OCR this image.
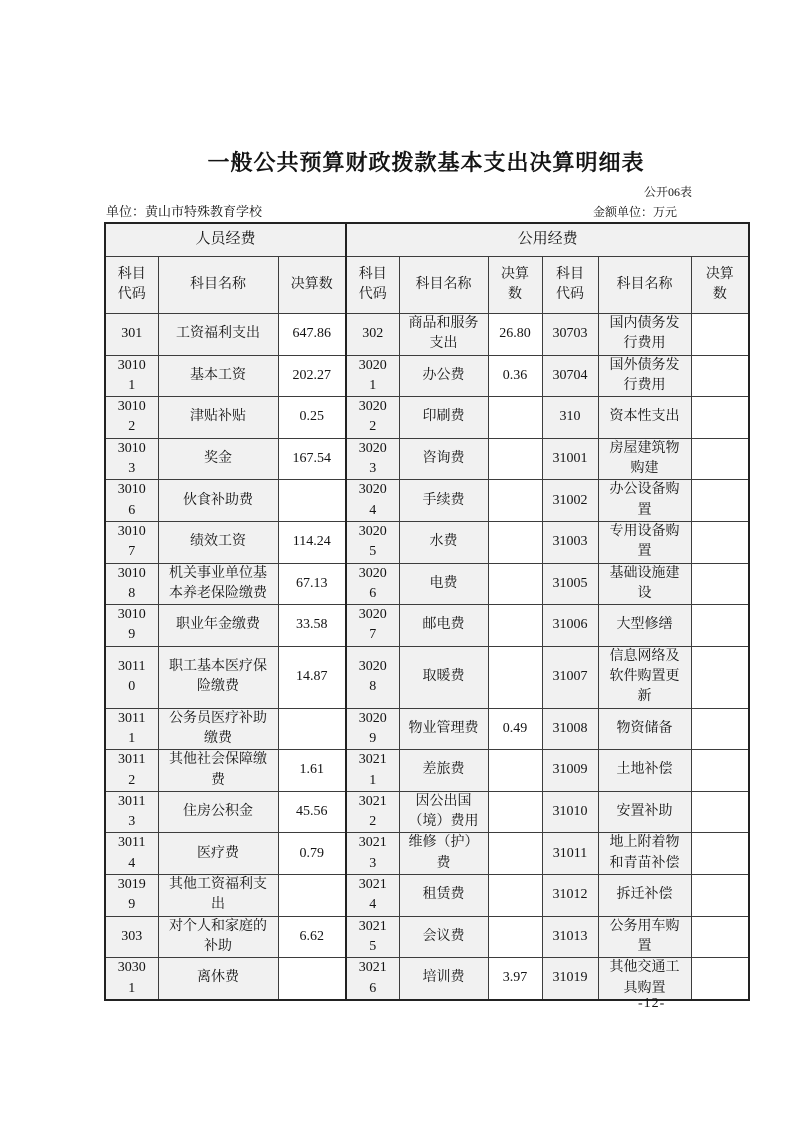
一般公共预算财政拨款基本支出决算明细表
公开06表
单位：黄山市特殊教育学校	金额单位：万元
人员经费			公用经费					
科目代码	科目名称	决算数	科目代码	科目名称	决算数	科目代码	科目名称	决算数
301	工资福利支出	647.86	302	商品和服务支出	26.80	30703	国内债务发行费用	
30101	基本工资	202.27	30201	办公费	0.36	30704	国外债务发行费用	
30102	津贴补贴	0.25	30202	印刷费		310	资本性支出	
30103	奖金	167.54	30203	咨询费		31001	房屋建筑物购建	
30106	伙食补助费		30204	手续费		31002	办公设备购置	
30107	绩效工资	114.24	30205	水费		31003	专用设备购置	
30108	机关事业单位基本养老保险缴费	67.13	30206	电费		31005	基础设施建设	
30109	职业年金缴费	33.58	30207	邮电费		31006	大型修缮	
30110	职工基本医疗保险缴费	14.87	30208	取暖费		31007	信息网络及软件购置更新	
30111	公务员医疗补助缴费		30209	物业管理费	0.49	31008	物资储备	
30112	其他社会保障缴费	1.61	30211	差旅费		31009	土地补偿	
30113	住房公积金	45.56	30212	因公出国（境）费用		31010	安置补助	
30114	医疗费	0.79	30213	维修（护）费		31011	地上附着物和青苗补偿	
30199	其他工资福利支出		30214	租赁费		31012	拆迁补偿	
303	对个人和家庭的补助	6.62	30215	会议费		31013	公务用车购置	
30301	离休费		30216	培训费	3.97	31019	其他交通工具购置	
-12-
